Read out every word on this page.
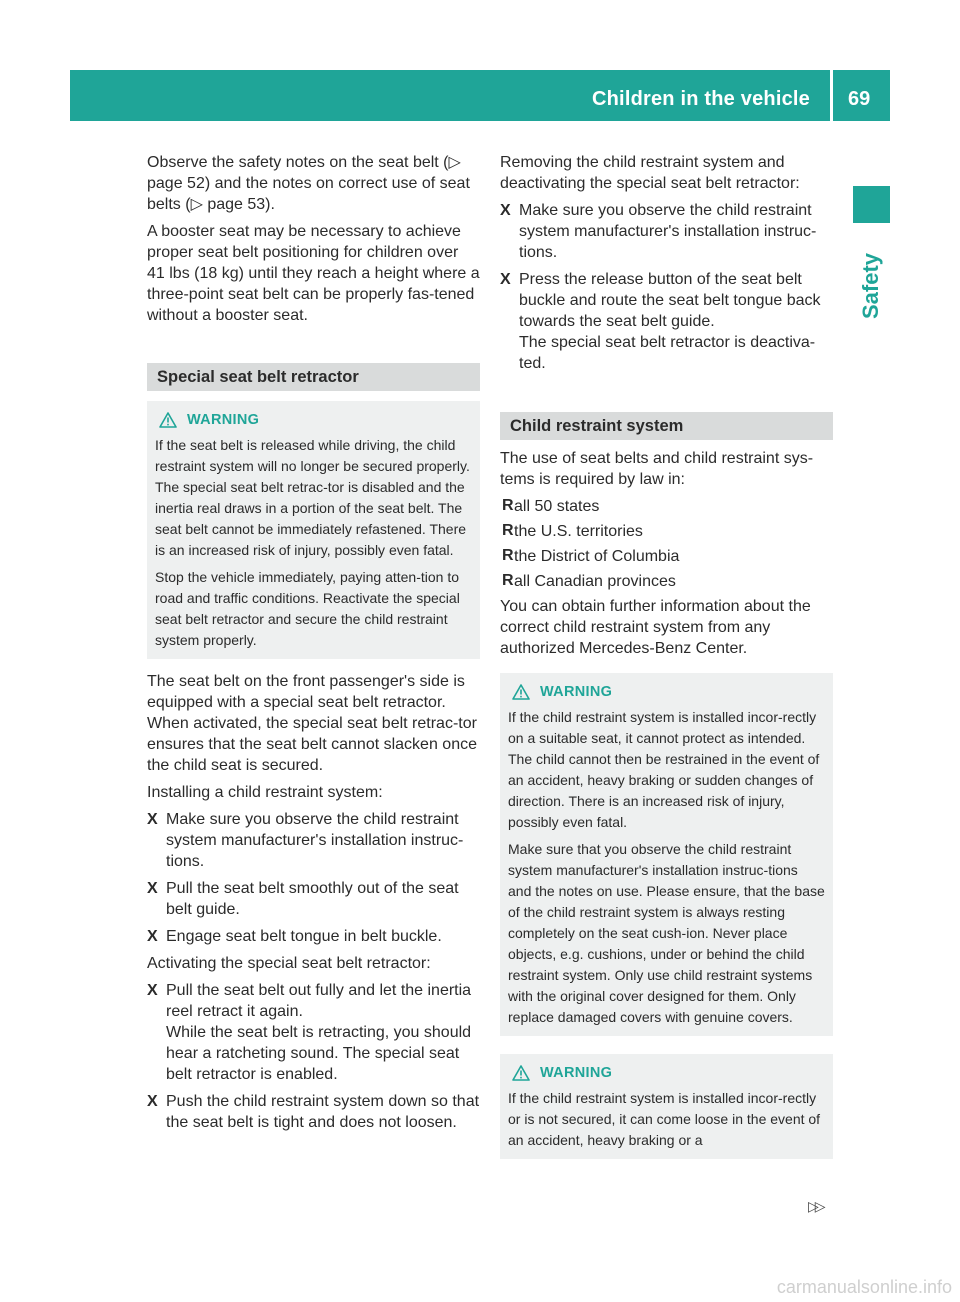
Children in the vehicle 69
Safety

Observe the safety notes on the seat belt (▷ page 52) and the notes on correct use of seat belts (▷ page 53).

A booster seat may be necessary to achieve proper seat belt positioning for children over 41 lbs (18 kg) until they reach a height where a three-point seat belt can be properly fas-tened without a booster seat.

Special seat belt retractor
WARNING

If the seat belt is released while driving, the child restraint system will no longer be secured properly. The special seat belt retrac-tor is disabled and the inertia real draws in a portion of the seat belt. The seat belt cannot be immediately refastened. There is an increased risk of injury, possibly even fatal.

Stop the vehicle immediately, paying atten-tion to road and traffic conditions. Reactivate the special seat belt retractor and secure the child restraint system properly.

The seat belt on the front passenger's side is equipped with a special seat belt retractor. When activated, the special seat belt retrac-tor ensures that the seat belt cannot slacken once the child seat is secured.

Installing a child restraint system:

X Make sure you observe the child restraint system manufacturer's installation instruc-tions.
X Pull the seat belt smoothly out of the seat belt guide.
X Engage seat belt tongue in belt buckle.

Activating the special seat belt retractor:

X Pull the seat belt out fully and let the inertia reel retract it again.
While the seat belt is retracting, you should hear a ratcheting sound. The special seat belt retractor is enabled.
X Push the child restraint system down so that the seat belt is tight and does not loosen.

Removing the child restraint system and deactivating the special seat belt retractor:

X Make sure you observe the child restraint system manufacturer's installation instruc-tions.
X Press the release button of the seat belt buckle and route the seat belt tongue back towards the seat belt guide.
The special seat belt retractor is deactiva-ted.
Child restraint system

The use of seat belts and child restraint sys-tems is required by law in:

R all 50 states
R the U.S. territories
R the District of Columbia
R all Canadian provinces

You can obtain further information about the correct child restraint system from any authorized Mercedes-Benz Center.

WARNING

If the child restraint system is installed incor-rectly on a suitable seat, it cannot protect as intended. The child cannot then be restrained in the event of an accident, heavy braking or sudden changes of direction. There is an increased risk of injury, possibly even fatal.

Make sure that you observe the child restraint system manufacturer's installation instruc-tions and the notes on use. Please ensure, that the base of the child restraint system is always resting completely on the seat cush-ion. Never place objects, e.g. cushions, under or behind the child restraint system. Only use child restraint systems with the original cover designed for them. Only replace damaged covers with genuine covers.

WARNING

If the child restraint system is installed incor-rectly or is not secured, it can come loose in the event of an accident, heavy braking or a

▷▷
carmanualsonline.info
